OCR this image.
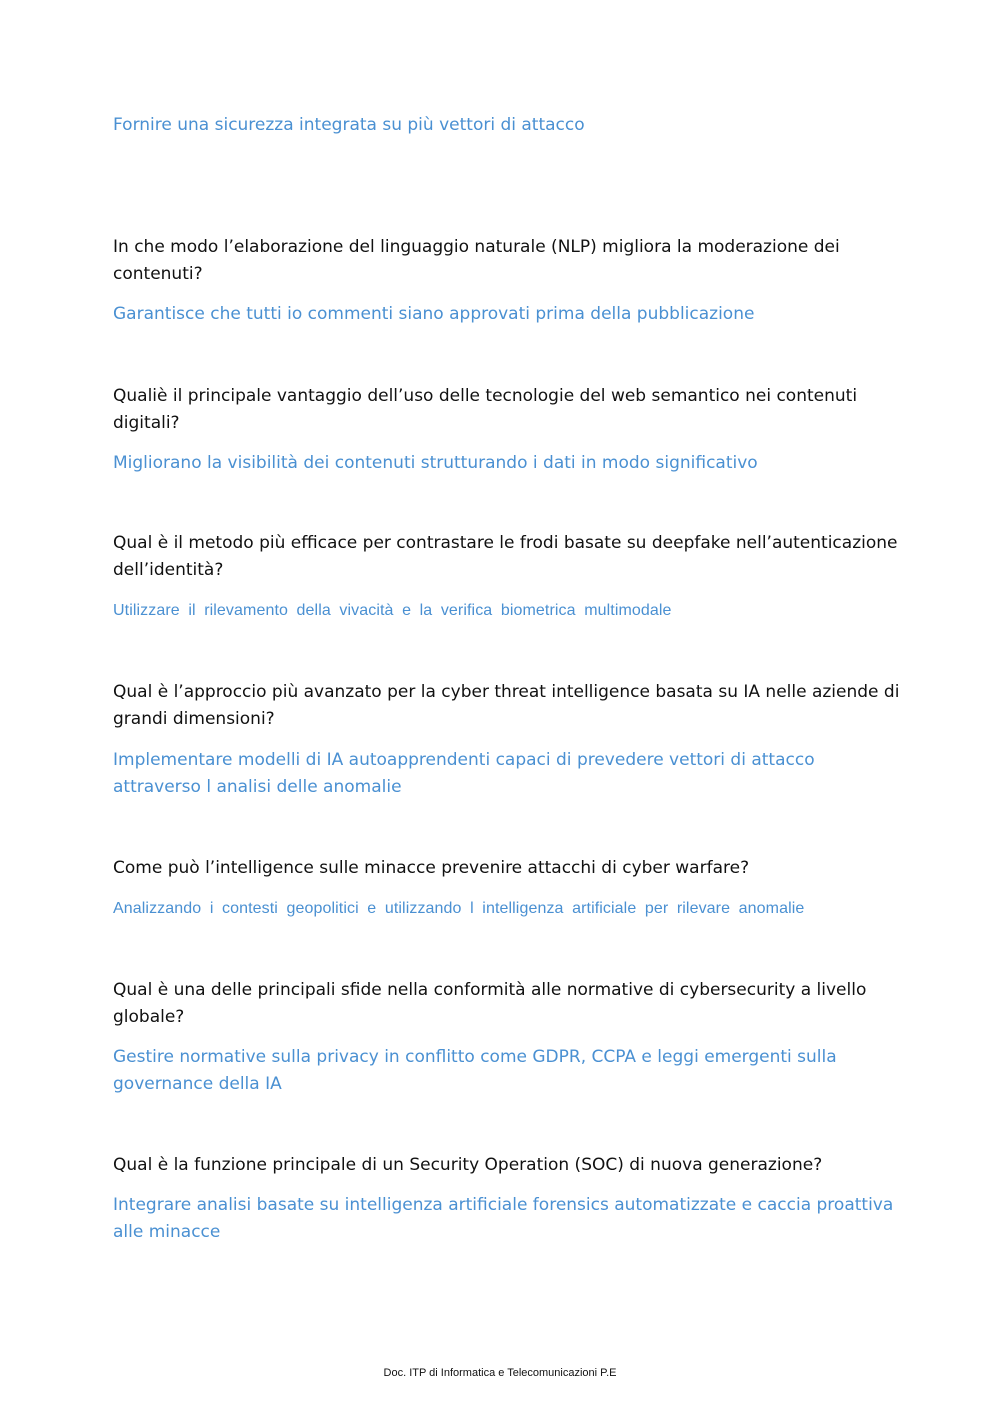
Fornire una sicurezza integrata su più vettori di attacco

In che modo l’elaborazione del linguaggio naturale (NLP) migliora la moderazione dei contenuti?

Garantisce che tutti io commenti siano approvati prima della pubblicazione

Qualiè il principale vantaggio dell’uso delle tecnologie del web semantico nei contenuti digitali?

Migliorano la visibilità dei contenuti strutturando i dati in modo significativo

Qual è il metodo più efficace per contrastare le frodi basate su deepfake nell’autenticazione dell’identità?

Utilizzare il rilevamento della vivacità e la verifica biometrica multimodale

Qual è l’approccio più avanzato per la cyber threat intelligence basata su IA nelle aziende di grandi dimensioni?

Implementare modelli di IA autoapprendenti capaci di prevedere vettori di attacco attraverso l analisi delle anomalie

Come può l’intelligence sulle minacce prevenire attacchi di cyber warfare?

Analizzando i contesti geopolitici e utilizzando l intelligenza artificiale per rilevare anomalie

Qual è una delle principali sfide nella conformità alle normative di cybersecurity a livello globale?

Gestire normative sulla privacy in conflitto come GDPR, CCPA e leggi emergenti sulla governance della IA

Qual è la funzione principale di un Security Operation (SOC) di nuova generazione?

Integrare analisi basate su intelligenza artificiale forensics automatizzate e caccia proattiva alle minacce

Doc. ITP di Informatica e Telecomunicazioni P.E
